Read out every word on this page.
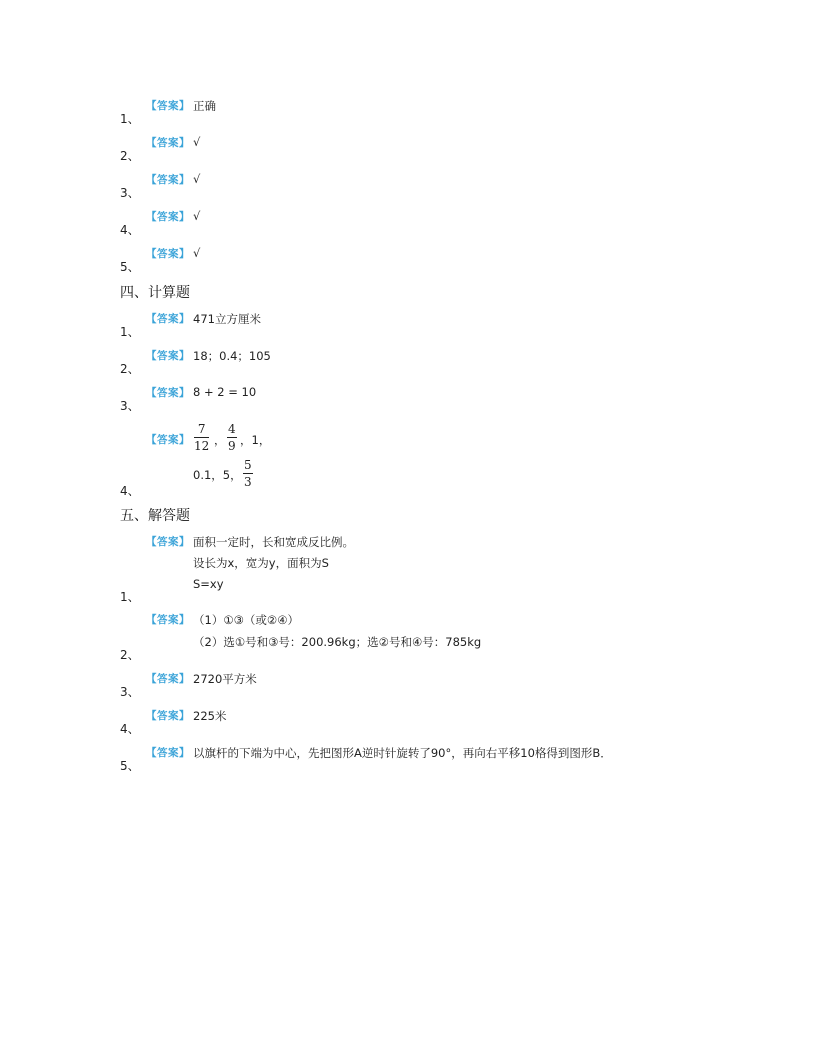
【答案】 正确
1、
【答案】 √
2、
【答案】 √
3、
【答案】 √
4、
【答案】 √
5、
四、计算题
【答案】 471立方厘米
1、
【答案】 18；0.4；105
2、
【答案】 8 + 2 = 10
3、
【答案】
7
12 ，
4
9 ，1，
0.1，5，
5
3
4、
五、解答题
【答案】 面积一定时，长和宽成反比例。
设长为x，宽为y，面积为S
S=xy
1、
【答案】 （1）①③（或②④）
（2）选①号和③号：200.96kg；选②号和④号：785kg
2、
【答案】 2720平方米
3、
【答案】 225米
4、
【答案】 以旗杆的下端为中心，先把图形A逆时针旋转了90°，再向右平移10格得到图形B．
5、
